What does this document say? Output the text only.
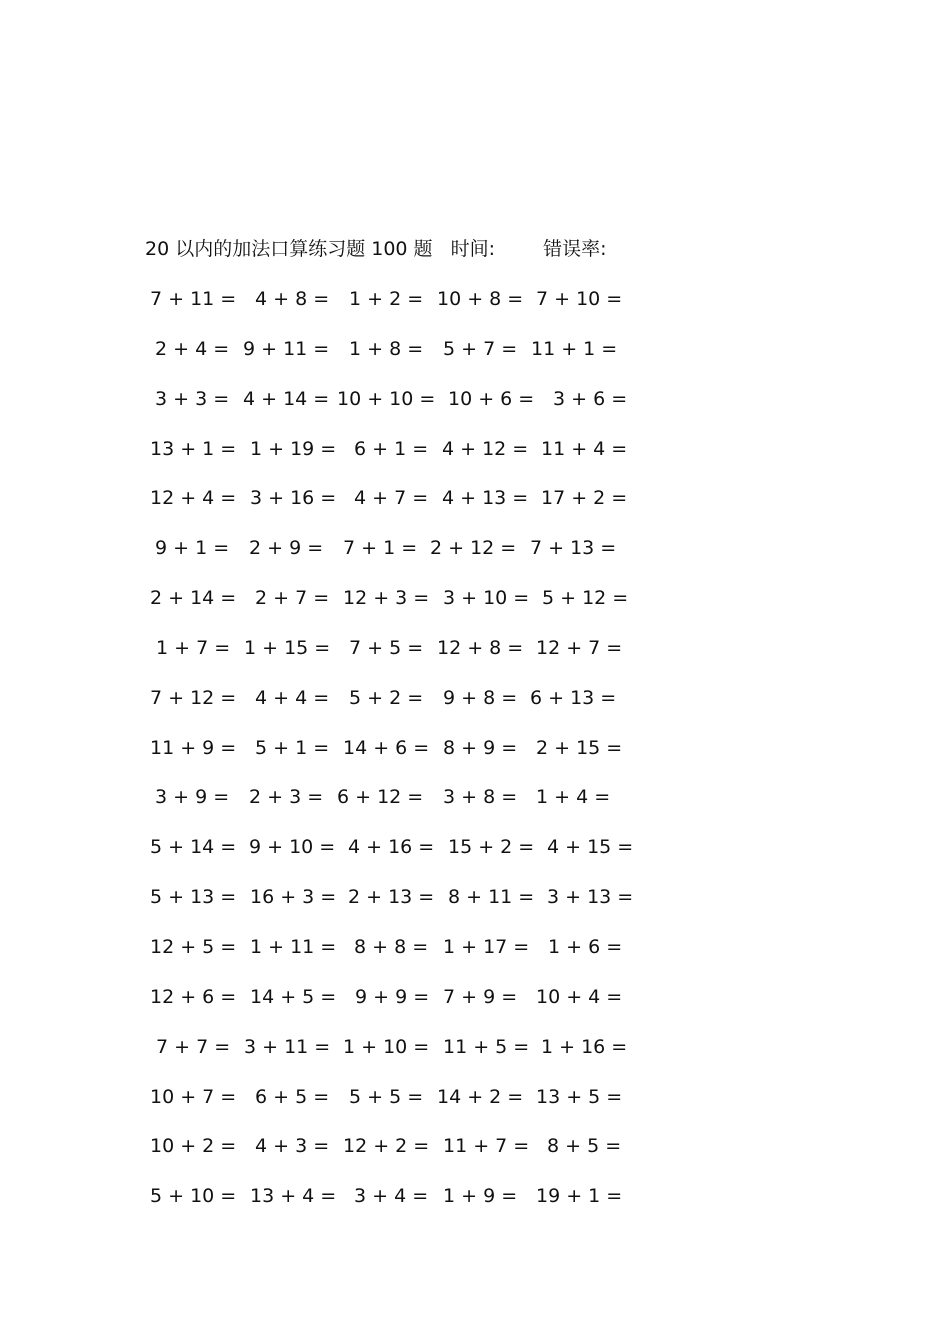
20 以内的加法口算练习题 100 题 时间:	错误率:
7 + 11 = 4 + 8 = 1 + 2 = 10 + 8 = 7 + 10 =
2 + 4 = 9 + 11 = 1 + 8 = 5 + 7 = 11 + 1 =
3 + 3 = 4 + 14 = 10 + 10 = 10 + 6 = 3 + 6 =
13 + 1 = 1 + 19 = 6 + 1 = 4 + 12 = 11 + 4 =
12 + 4 = 3 + 16 = 4 + 7 = 4 + 13 = 17 + 2 =
9 + 1 = 2 + 9 = 7 + 1 = 2 + 12 = 7 + 13 =
2 + 14 = 2 + 7 = 12 + 3 = 3 + 10 = 5 + 12 =
1 + 7 = 1 + 15 = 7 + 5 = 12 + 8 = 12 + 7 =
7 + 12 = 4 + 4 = 5 + 2 = 9 + 8 = 6 + 13 =
11 + 9 = 5 + 1 = 14 + 6 = 8 + 9 = 2 + 15 =
3 + 9 = 2 + 3 = 6 + 12 = 3 + 8 = 1 + 4 =
5 + 14 = 9 + 10 = 4 + 16 = 15 + 2 = 4 + 15 =
5 + 13 = 16 + 3 = 2 + 13 = 8 + 11 = 3 + 13 =
12 + 5 = 1 + 11 = 8 + 8 = 1 + 17 = 1 + 6 =
12 + 6 = 14 + 5 = 9 + 9 = 7 + 9 = 10 + 4 =
7 + 7 = 3 + 11 = 1 + 10 = 11 + 5 = 1 + 16 =
10 + 7 = 6 + 5 = 5 + 5 = 14 + 2 = 13 + 5 =
10 + 2 = 4 + 3 = 12 + 2 = 11 + 7 = 8 + 5 =
5 + 10 = 13 + 4 = 3 + 4 = 1 + 9 = 19 + 1 =
